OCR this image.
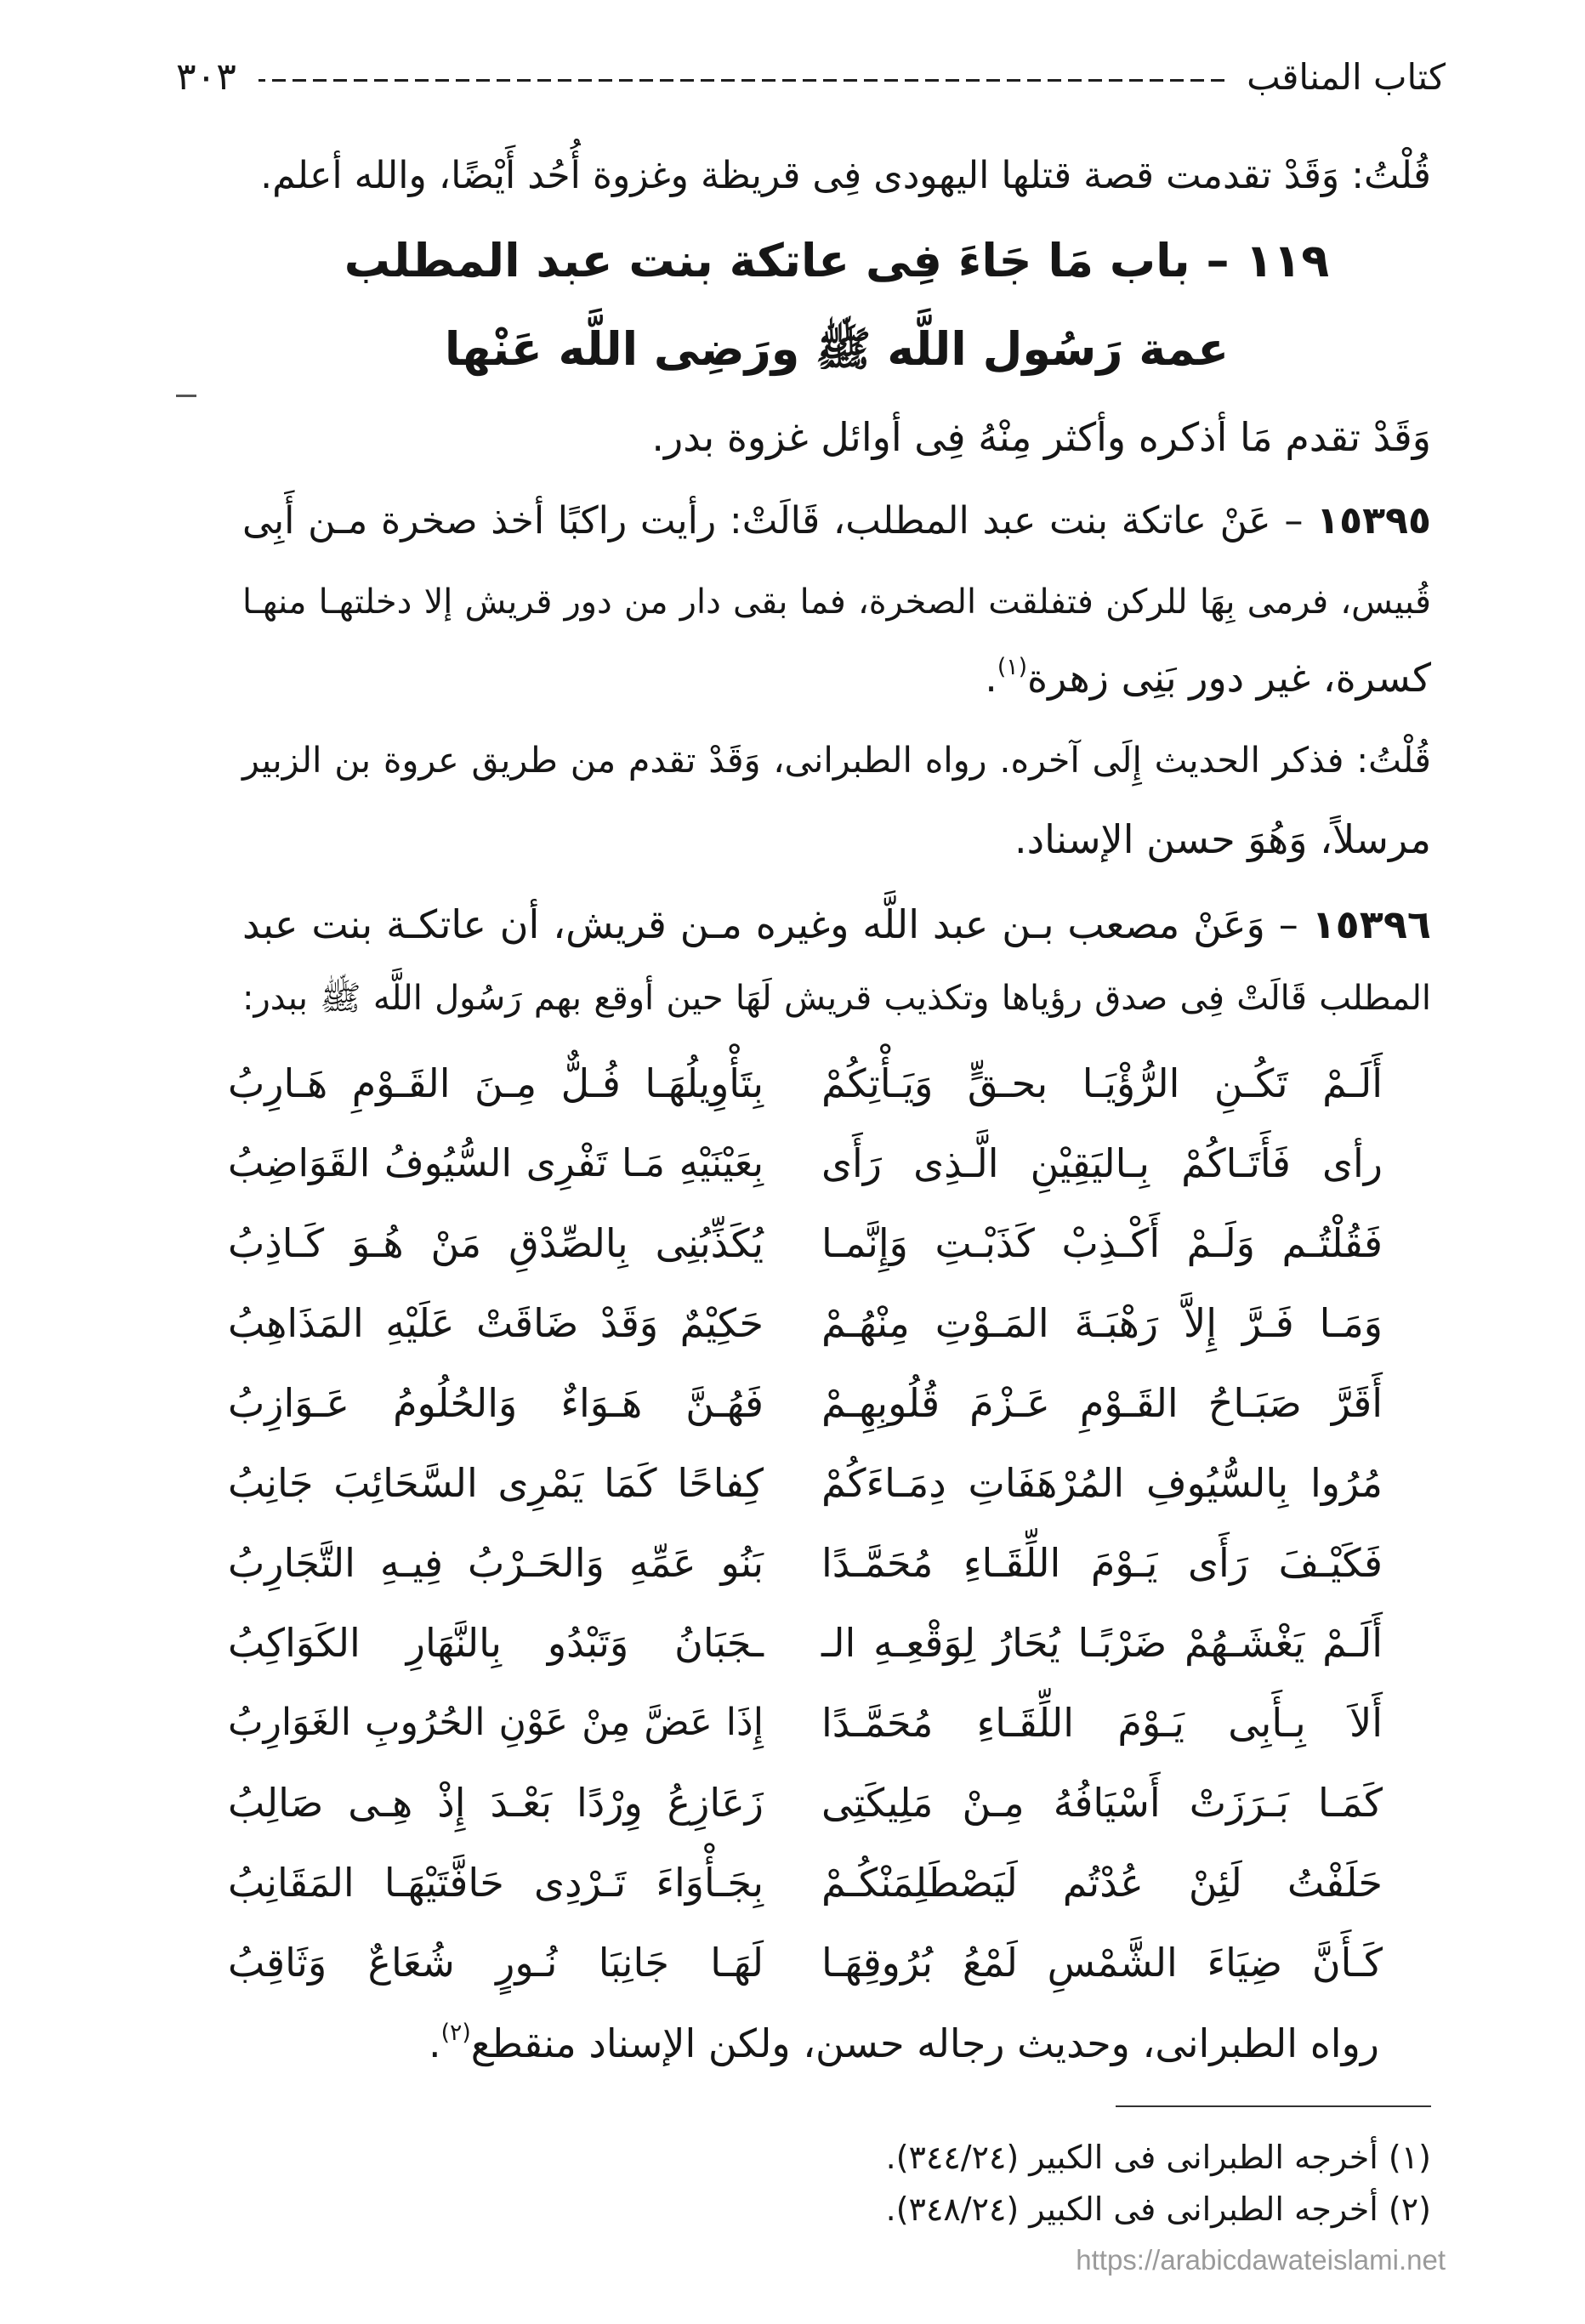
كتاب المناقب
٣٠٣
قُلْتُ: وَقَدْ تقدمت قصة قتلها اليهودى فِى قريظة وغزوة أُحُد أَيْضًا، والله أعلم.
١١٩ – باب مَا جَاءَ فِى عاتكة بنت عبد المطلب
عمة رَسُول اللَّه ﷺ ورَضِى اللَّه عَنْها
وَقَدْ تقدم مَا أذكره وأكثر مِنْهُ فِى أوائل غزوة بدر.
١٥٣٩٥ – عَنْ عاتكة بنت عبد المطلب، قَالَتْ: رأيت راكبًا أخذ صخرة مـن أَبِى
قُبيس، فرمى بِهَا للركن فتفلقت الصخرة، فما بقى دار من دور قريش إلا دخلتهـا منهـا
كسرة، غير دور بَنِى زهرة$^{(١)}$.
قُلْتُ: فذكر الحديث إِلَى آخره. رواه الطبرانى، وَقَدْ تقدم من طريق عروة بن الزبير
مرسلاً، وَهُوَ حسن الإسناد.
١٥٣٩٦ – وَعَنْ مصعب بـن عبد اللَّه وغيره مـن قريش، أن عاتكـة بنت عبد
المطلب قَالَتْ فِى صدق رؤياها وتكذيب قريش لَهَا حين أوقع بهم رَسُول اللَّه ﷺ ببدر:
أَلَـمْ تَكُـنِ الرُّؤْيَـا بحـقٍّ وَيَـأْتِكُمْ
بِتَأْوِيلُهَـا فُـلٌّ مِـنَ القَـوْمِ هَـارِبُ
رأى فَأَتَـاكُمْ بِـاليَقِيْنِ الَّـذِى رَأَى
بِعَيْنَيْهِ مَـا تَفْرِى السُّيُوفُ القَوَاضِبُ
فَقُلْتُـم وَلَـمْ أَكْـذِبْ كَذَبْـتِ وَإِنَّمـا
يُكَذِّبُنِى بِالصِّدْقِ مَنْ هُـوَ كَـاذِبُ
وَمَـا فَـرَّ إِلاَّ رَهْبَـةَ المَـوْتِ مِنْهُـمْ
حَكِيْمٌ وَقَدْ ضَاقَتْ عَلَيْهِ المَذَاهِبُ
أَقَرَّ صَبَـاحُ القَـوْمِ عَـزْمَ قُلُوبِهِـمْ
فَهُـنَّ هَـوَاءٌ وَالحُلُومُ عَـوَازِبُ
مُرُوا بِالسُّيُوفِ المُرْهَفَاتِ دِمَـاءَكُمْ
كِفاحًا كَمَا يَمْرِى السَّحَائِبَ جَانِبُ
فَكَيْـفَ رَأَى يَـوْمَ اللِّقَـاءِ مُحَمَّـدًا
بَنُو عَمِّهِ وَالحَـرْبُ فِيـهِ التَّجَارِبُ
أَلَـمْ يَغْشَـهُمْ ضَرْبًـا يُحَارُ لِوَقْعِـهِ الـ
ـجَبَانُ وَتَبْدُو بِالنَّهَارِ الكَوَاكِبُ
أَلاَ بِـأَبِى يَـوْمَ اللِّقَـاءِ مُحَمَّـدًا
إِذَا عَضَّ مِنْ عَوْنِ الحُرُوبِ الغَوَارِبُ
كَمَـا بَـرَزَتْ أَسْيَافُهُ مِـنْ مَلِيكَتِى
زَعَازِعُ وِرْدًا بَعْـدَ إِذْ هِـى صَالِبُ
حَلَفْتُ لَئِنْ عُدْتُم لَيَصْطَلِمَنْكُـمْ
بِجَـأْوَاءَ تَـرْدِى حَافَّتَيْهَـا المَقَانِبُ
كَـأَنَّ ضِيَاءَ الشَّمْسِ لَمْعُ بُرُوقِهَـا
لَهَـا جَانِبَا نُـورٍ شُعَاعٌ وَثَاقِبُ
رواه الطبرانى، وحديث رجاله حسن، ولكن الإسناد منقطع$^{(٢)}$.
(١) أخرجه الطبرانى فى الكبير (٣٤٤/٢٤).
(٢) أخرجه الطبرانى فى الكبير (٣٤٨/٢٤).
https://arabicdawateislami.net
